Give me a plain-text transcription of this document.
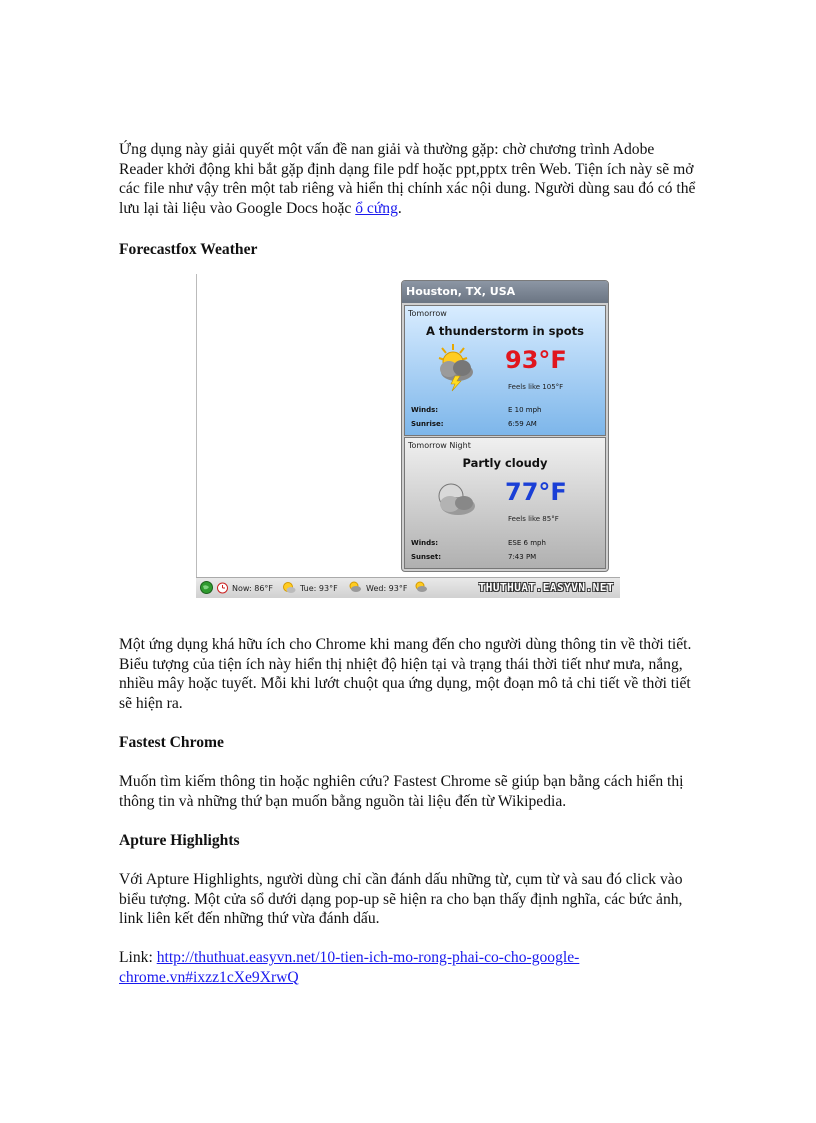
Ứng dụng này giải quyết một vấn đề nan giải và thường gặp: chờ chương trình Adobe Reader khởi động khi bắt gặp định dạng file pdf hoặc ppt,pptx trên Web. Tiện ích này sẽ mở các file như vậy trên một tab riêng và hiển thị chính xác nội dung. Người dùng sau đó có thể lưu lại tài liệu vào Google Docs hoặc ổ cứng.

Forecastfox Weather

Một ứng dụng khá hữu ích cho Chrome khi mang đến cho người dùng thông tin về thời tiết. Biểu tượng của tiện ích này hiển thị nhiệt độ hiện tại và trạng thái thời tiết như mưa, nắng, nhiều mây hoặc tuyết. Mỗi khi lướt chuột qua ứng dụng, một đoạn mô tả chi tiết về thời tiết sẽ hiện ra.

Fastest Chrome

Muốn tìm kiếm thông tin hoặc nghiên cứu? Fastest Chrome sẽ giúp bạn bằng cách hiển thị thông tin và những thứ bạn muốn bằng nguồn tài liệu đến từ Wikipedia.

Apture Highlights

Với Apture Highlights, người dùng chỉ cần đánh dấu những từ, cụm từ và sau đó click vào biểu tượng. Một cửa sổ dưới dạng pop-up sẽ hiện ra cho bạn thấy định nghĩa, các bức ảnh, link liên kết đến những thứ vừa đánh dấu.

Link: http://thuthuat.easyvn.net/10-tien-ich-mo-rong-phai-co-cho-google-
chrome.vn#ixzz1cXe9XrwQ

Houston, TX, USA
Tomorrow
A thunderstorm in spots
93°F
Feels like 105°F
Winds:	E 10 mph
Sunrise:	6:59 AM
Tomorrow Night
Partly cloudy
77°F
Feels like 85°F
Winds:	ESE 6 mph
Sunset:	7:43 PM
Now: 86°F	Tue: 93°F	Wed: 93°F	THUTHUAT.EASYVN.NET
